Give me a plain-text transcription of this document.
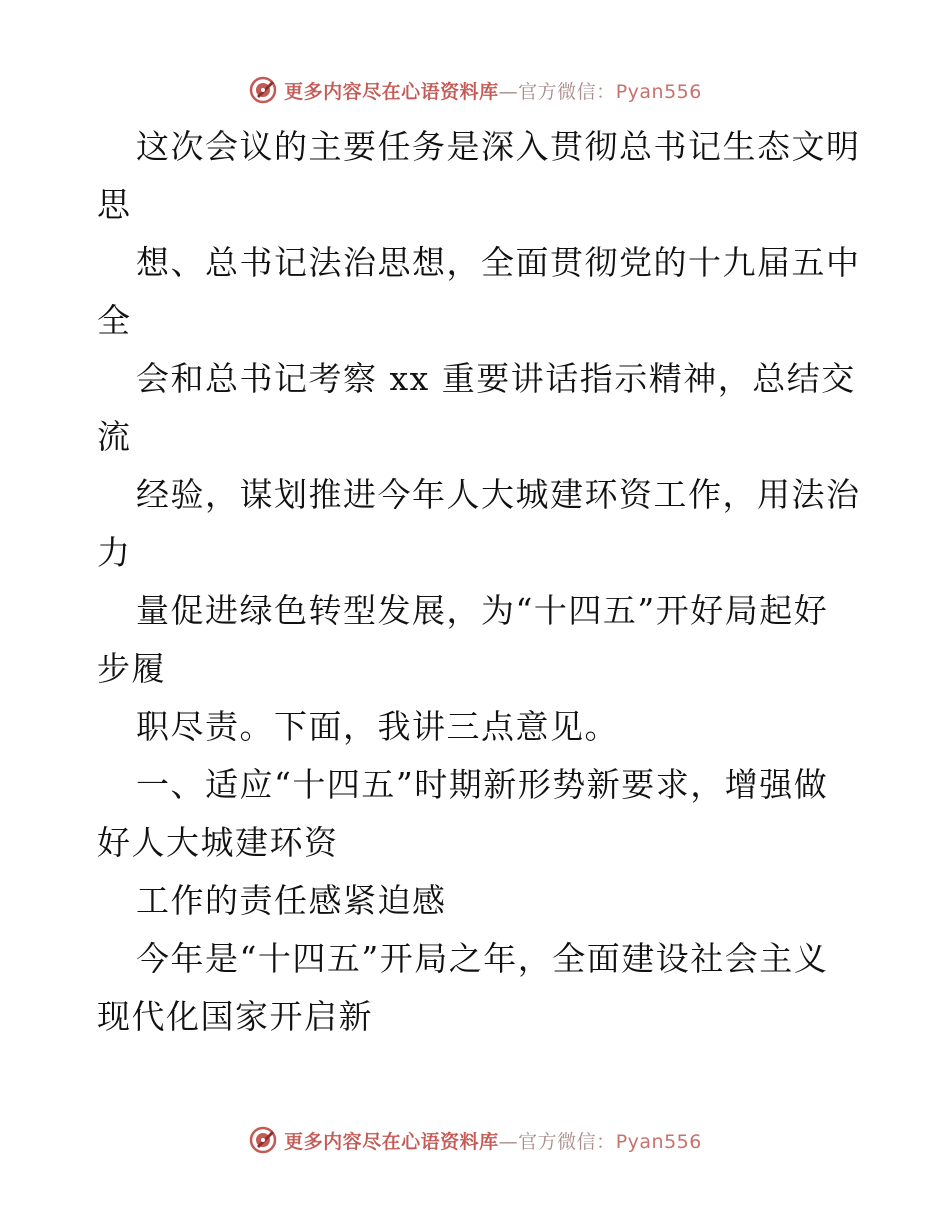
更多内容尽在心语资料库—官方微信：Pyan556
这次会议的主要任务是深入贯彻总书记生态文明
思
想、总书记法治思想，全面贯彻党的十九届五中
全
会和总书记考察 xx 重要讲话指示精神，总结交
流
经验，谋划推进今年人大城建环资工作，用法治
力
量促进绿色转型发展，为“十四五”开好局起好
步履
职尽责。下面，我讲三点意见。
一、适应“十四五”时期新形势新要求，增强做
好人大城建环资
工作的责任感紧迫感
今年是“十四五”开局之年，全面建设社会主义
现代化国家开启新
更多内容尽在心语资料库—官方微信：Pyan556
